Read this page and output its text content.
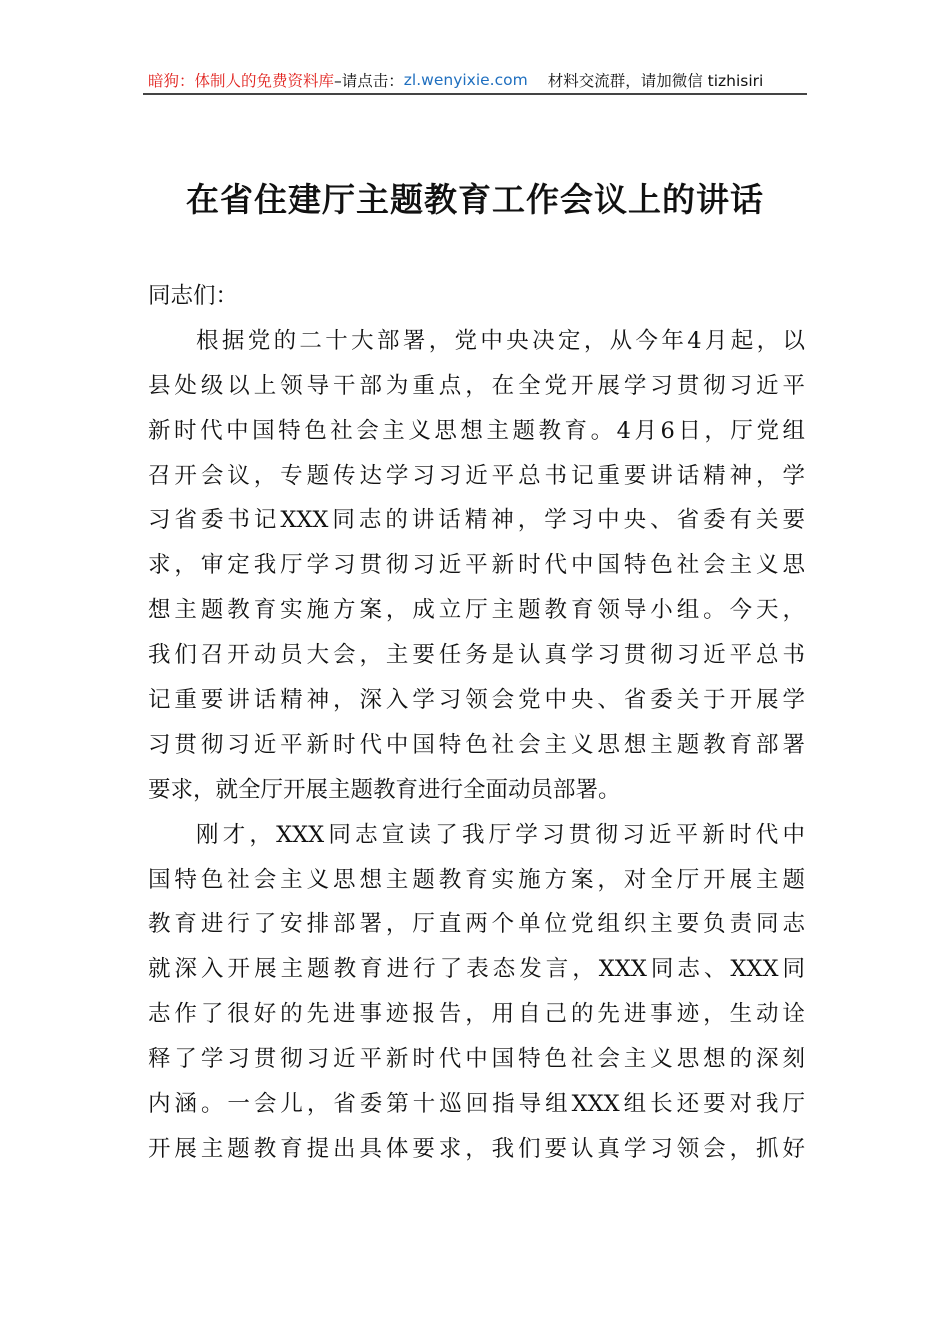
暗狗：体制人的免费资料库 –请点击： zl.wenyixie.com 材料交流群，请加微信 tizhisiri
在省住建厅主题教育工作会议上的讲话
同志们：
根据党的二十大部署，党中央决定，从今年4月起，以
县处级以上领导干部为重点，在全党开展学习贯彻习近平
新时代中国特色社会主义思想主题教育。4月6日，厅党组
召开会议，专题传达学习习近平总书记重要讲话精神，学
习省委书记XXX同志的讲话精神，学习中央、省委有关要
求，审定我厅学习贯彻习近平新时代中国特色社会主义思
想主题教育实施方案，成立厅主题教育领导小组。今天，
我们召开动员大会，主要任务是认真学习贯彻习近平总书
记重要讲话精神，深入学习领会党中央、省委关于开展学
习贯彻习近平新时代中国特色社会主义思想主题教育部署
要求，就全厅开展主题教育进行全面动员部署。
刚才，XXX同志宣读了我厅学习贯彻习近平新时代中
国特色社会主义思想主题教育实施方案，对全厅开展主题
教育进行了安排部署，厅直两个单位党组织主要负责同志
就深入开展主题教育进行了表态发言，XXX同志、XXX同
志作了很好的先进事迹报告，用自己的先进事迹，生动诠
释了学习贯彻习近平新时代中国特色社会主义思想的深刻
内涵。一会儿，省委第十巡回指导组XXX组长还要对我厅
开展主题教育提出具体要求，我们要认真学习领会，抓好
